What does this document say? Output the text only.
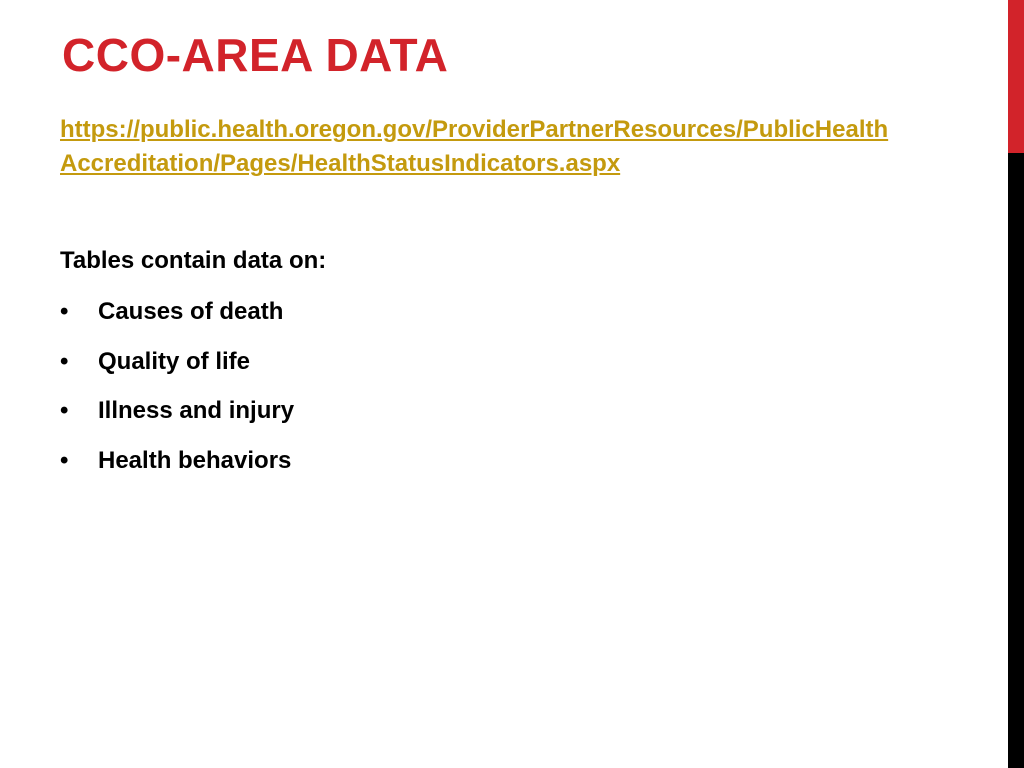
CCO-AREA DATA
https://public.health.oregon.gov/ProviderPartnerResources/PublicHealthAccreditation/Pages/HealthStatusIndicators.aspx
Tables contain data on:
•	Causes of death
•	Quality of life
•	Illness and injury
•	Health behaviors
